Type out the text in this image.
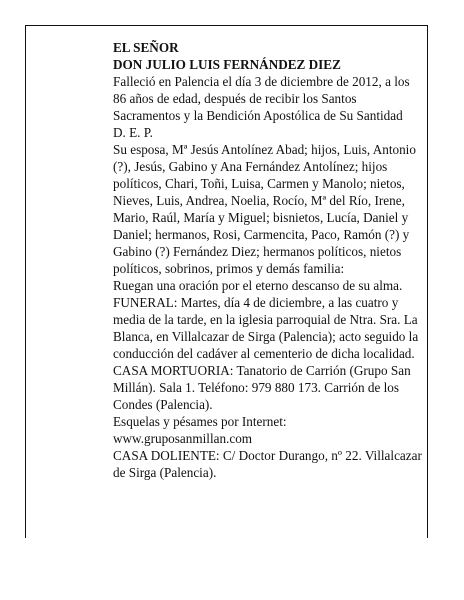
EL SEÑOR

DON JULIO LUIS FERNÁNDEZ DIEZ

Falleció en Palencia el día 3 de diciembre de 2012, a los 86 años de edad, después de recibir los Santos Sacramentos y la Bendición Apostólica de Su Santidad

D. E. P.

Su esposa, Mª Jesús Antolínez Abad; hijos, Luis, Antonio (?), Jesús, Gabino y Ana Fernández Antolínez; hijos políticos, Chari, Toñi, Luisa, Carmen y Manolo; nietos, Nieves, Luis, Andrea, Noelia, Rocío, Mª del Río, Irene, Mario, Raúl, María y Miguel; bisnietos, Lucía, Daniel y Daniel; hermanos, Rosi, Carmencita, Paco, Ramón (?) y Gabino (?) Fernández Diez; hermanos políticos, nietos políticos, sobrinos, primos y demás familia:

Ruegan una oración por el eterno descanso de su alma.

FUNERAL: Martes, día 4 de diciembre, a las cuatro y media de la tarde, en la iglesia parroquial de Ntra. Sra. La Blanca, en Villalcazar de Sirga (Palencia); acto seguido la conducción del cadáver al cementerio de dicha localidad.

CASA MORTUORIA: Tanatorio de Carrión (Grupo San Millán). Sala 1. Teléfono: 979 880 173. Carrión de los Condes (Palencia).

Esquelas y pésames por Internet:

www.gruposanmillan.com

CASA DOLIENTE: C/ Doctor Durango, nº 22. Villalcazar de Sirga (Palencia).
